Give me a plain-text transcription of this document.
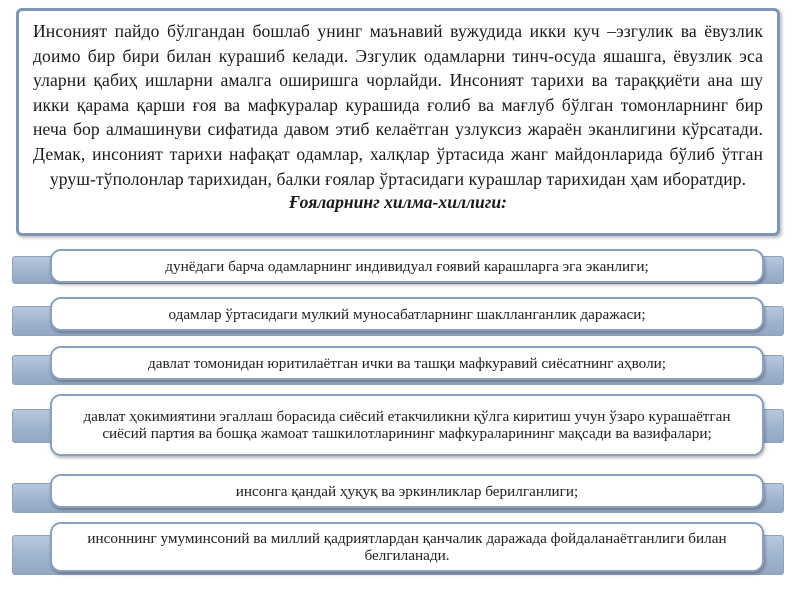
Инсоният пайдо бўлгандан бошлаб унинг маънавий вужудида икки куч –эзгулик ва ёвузлик доимо бир бири билан курашиб келади. Эзгулик одамларни тинч-осуда яшашга, ёвузлик эса уларни қабиҳ ишларни амалга оширишга чорлайди. Инсоният тарихи ва тараққиёти ана шу икки қарама қарши ғоя ва мафкуралар курашида ғолиб ва мағлуб бўлган томонларнинг бир неча бор алмашинуви сифатида давом этиб келаётган узлуксиз жараён эканлигини кўрсатади. Демак, инсоният тарихи нафақат одамлар, халқлар ўртасида жанг майдонларида бўлиб ўтган уруш-тўполонлар тарихидан, балки ғоялар ўртасидаги курашлар тарихидан ҳам иборатдир.

Ғояларнинг хилма-хиллиги:

дунёдаги барча одамларнинг индивидуал ғоявий карашларга эга эканлиги;
одамлар ўртасидаги мулкий муносабатларнинг шаклланганлик даражаси;
давлат томонидан юритилаётган ички ва ташқи мафкуравий сиёсатнинг аҳволи;
давлат ҳокимиятини эгаллаш борасида сиёсий етакчиликни қўлга киритиш учун ўзаро курашаётган сиёсий партия ва бошқа жамоат ташкилотларининг мафкураларининг мақсади ва вазифалари;
инсонга қандай ҳуқуқ ва эркинликлар берилганлиги;
инсоннинг умуминсоний ва миллий қадриятлардан қанчалик даражада фойдаланаётганлиги билан белгиланади.
